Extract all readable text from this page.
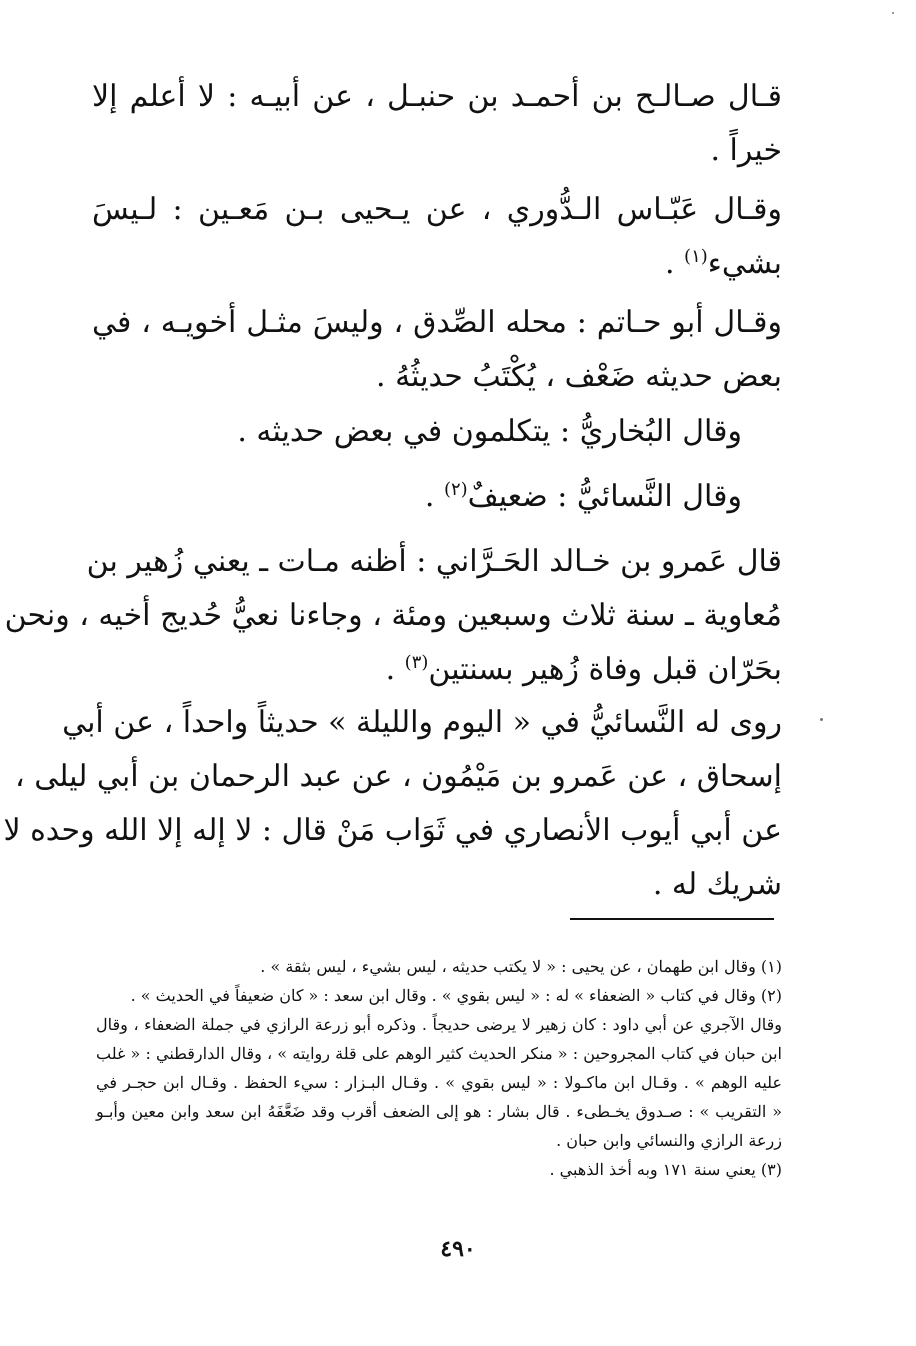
قـال صـالـح بن أحمـد بن حنبـل ، عن أبيـه : لا أعلم إلا
خيراً .
وقـال عَبّـاس الـدُّوري ، عن يـحيى بـن مَعـين : لـيسَ
بشيء$^{(١)}$ .
وقـال أبو حـاتم : محله الصِّدق ، وليسَ مثـل أخويـه ، في
بعض حديثه ضَعْف ، يُكْتَبُ حديثُهُ .
وقال البُخاريُّ : يتكلمون في بعض حديثه .
وقال النَّسائيُّ : ضعيفٌ$^{(٢)}$ .
قال عَمرو بن خـالد الحَـرَّاني : أظنه مـات ـ يعني زُهير بن
مُعاوية ـ سنة ثلاث وسبعين ومئة ، وجاءنا نعيُّ حُديج أخيه ، ونحن
بحَرّان قبل وفاة زُهير بسنتين$^{(٣)}$ .
روى له النَّسائيُّ في « اليوم والليلة » حديثاً واحداً ، عن أبي
إسحاق ، عن عَمرو بن مَيْمُون ، عن عبد الرحمان بن أبي ليلى ،
عن أبي أيوب الأنصاري في ثَوَاب مَنْ قال : لا إله إلا الله وحده لا
شريك له .
(١) وقال ابن طهمان ، عن يحيى : « لا يكتب حديثه ، ليس بشيء ، ليس بثقة » .
(٢) وقال في كتاب « الضعفاء » له : « ليس بقوي » . وقال ابن سعد : « كان ضعيفاً في الحديث » .
وقال الآجري عن أبي داود : كان زهير لا يرضى حديجاً . وذكره أبو زرعة الرازي في جملة الضعفاء ، وقال
ابن حبان في كتاب المجروحين : « منكر الحديث كثير الوهم على قلة روايته » ، وقال الدارقطني : « غلب
عليه الوهم » . وقـال ابن ماكـولا : « ليس بقوي » . وقـال البـزار : سيء الحفظ . وقـال ابن حجـر في
« التقريب » : صـدوق يخـطىء . قال بشار : هو إلى الضعف أقرب وقد ضَعَّفَهُ ابن سعد وابن معين وأبـو
زرعة الرازي والنسائي وابن حبان .
(٣) يعني سنة ١٧١ وبه أخذ الذهبي .
٤٩٠
